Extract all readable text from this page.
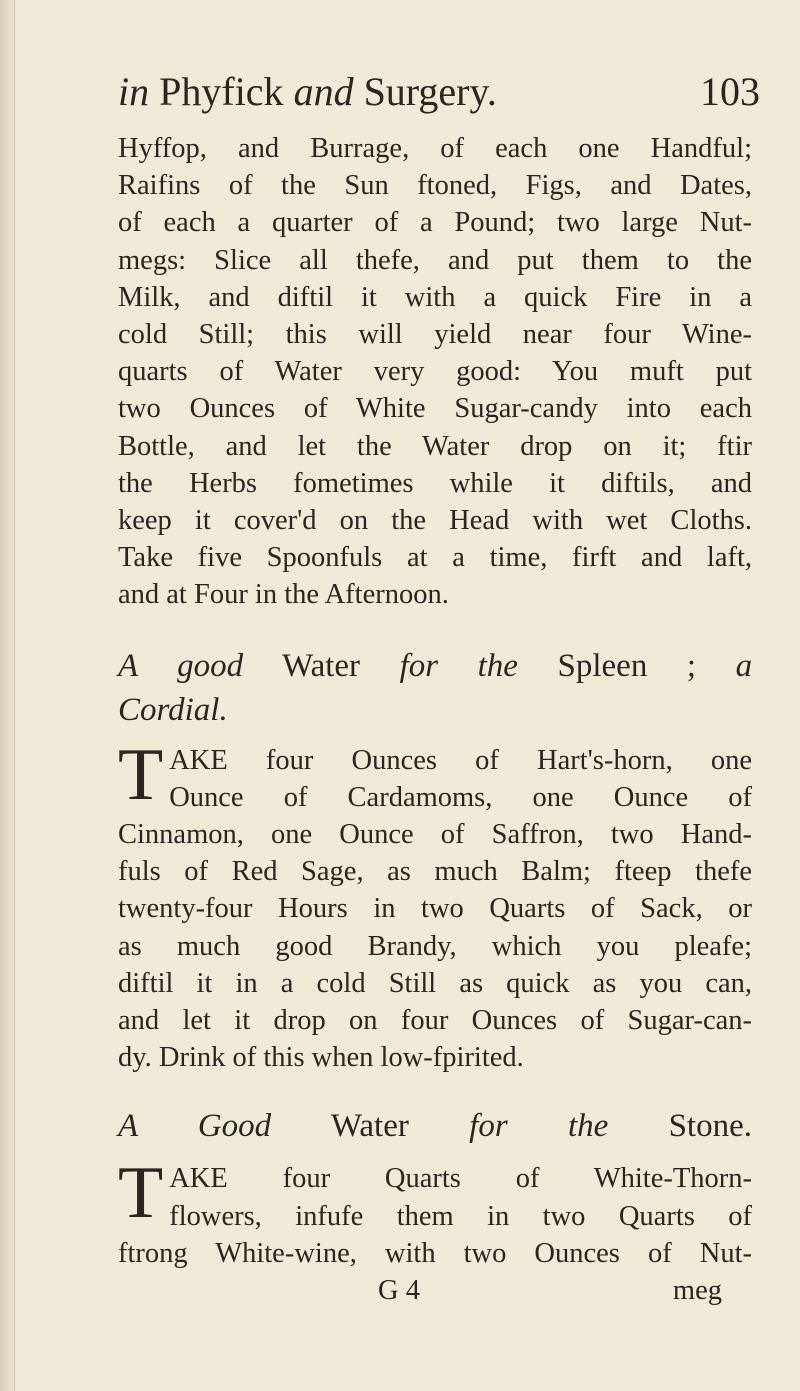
in Phyfick and Surgery.	103
Hyffop, and Burrage, of each one Handful;
Raifins of the Sun ftoned, Figs, and Dates,
of each a quarter of a Pound; two large Nut-
megs: Slice all thefe, and put them to the
Milk, and diftil it with a quick Fire in a
cold Still; this will yield near four Wine-
quarts of Water very good: You muft put
two Ounces of White Sugar-candy into each
Bottle, and let the Water drop on it; ftir
the Herbs fometimes while it diftils, and
keep it cover'd on the Head with wet Cloths.
Take five Spoonfuls at a time, firft and laft,
and at Four in the Afternoon.
A good Water for the Spleen ; a
Cordial.
T AKE four Ounces of Hart's-horn, one
Ounce of Cardamoms, one Ounce of
Cinnamon, one Ounce of Saffron, two Hand-
fuls of Red Sage, as much Balm; fteep thefe
twenty-four Hours in two Quarts of Sack, or
as much good Brandy, which you pleafe;
diftil it in a cold Still as quick as you can,
and let it drop on four Ounces of Sugar-can-
dy. Drink of this when low-fpirited.
A Good Water for the Stone.
T AKE four Quarts of White-Thorn-
flowers, infufe them in two Quarts of
ftrong White-wine, with two Ounces of Nut-
G 4	meg
